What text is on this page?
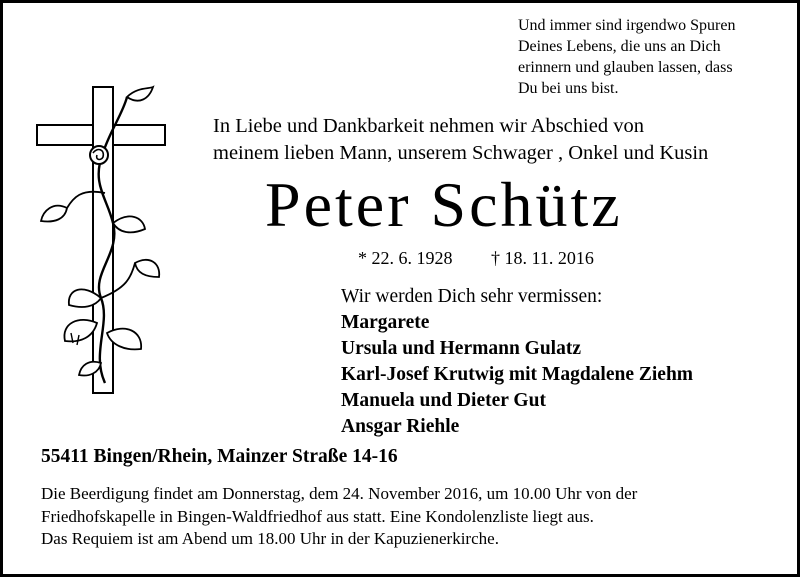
Und immer sind irgendwo Spuren
Deines Lebens, die uns an Dich
erinnern und glauben lassen, dass
Du bei uns bist.
In Liebe und Dankbarkeit nehmen wir Abschied von
meinem lieben Mann, unserem Schwager , Onkel und Kusin
Peter Schütz
* 22. 6. 1928 † 18. 11. 2016
Wir werden Dich sehr vermissen:
Margarete
Ursula und Hermann Gulatz
Karl-Josef Krutwig mit Magdalene Ziehm
Manuela und Dieter Gut
Ansgar Riehle
55411 Bingen/Rhein, Mainzer Straße 14-16
Die Beerdigung findet am Donnerstag, dem 24. November 2016, um 10.00 Uhr von der
Friedhofskapelle in Bingen-Waldfriedhof aus statt. Eine Kondolenzliste liegt aus.
Das Requiem ist am Abend um 18.00 Uhr in der Kapuzienerkirche.
